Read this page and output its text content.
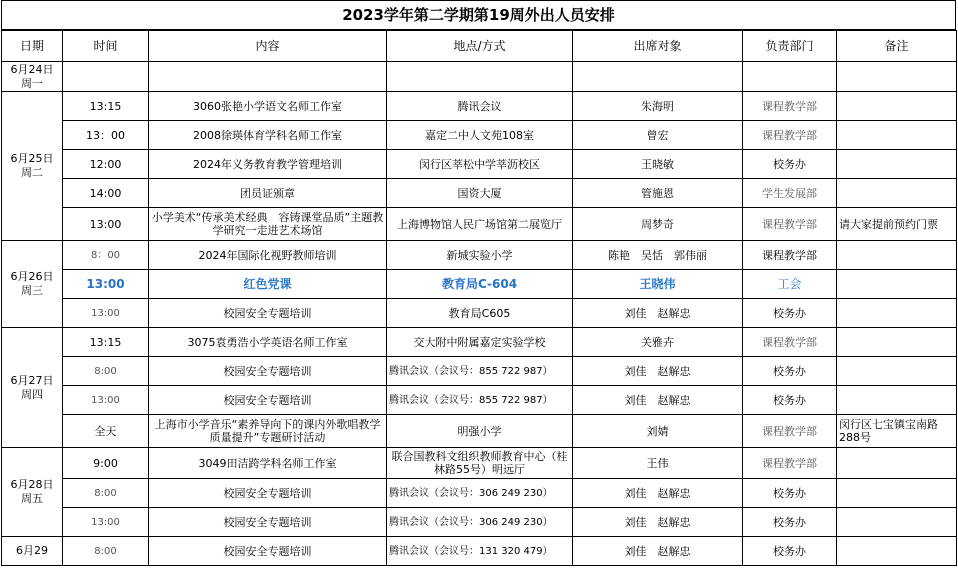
2023学年第二学期第19周外出人员安排
日期	时间	内容	地点/方式	出席对象	负责部门	备注

6月24日
周一						

6月25日
周二	13:15	3060张艳小学语文名师工作室	腾讯会议	朱海明	课程教学部	
	13：00	2008徐瑛体育学科名师工作室	嘉定二中人文苑108室	曾宏	课程教学部	
	12:00	2024年义务教育教学管理培训	闵行区莘松中学莘沥校区	王晓敏	校务办	
	14:00	团员证颁章	国资大厦	管施恩	学生发展部	
	13:00	小学美术“传承美术经典　容铸课堂品质”主题教学研究一走进艺术场馆	上海博物馆人民广场馆第二展览厅	周梦奇	课程教学部	请大家提前预约门票

6月26日
周三	8：00	2024年国际化视野教师培训	新城实验小学	陈艳　吴恬　郭伟丽	课程教学部	
	13:00	红色党课	教育局C-604	王晓伟	工会	
	13:00	校园安全专题培训	教育局C605	刘佳　赵解忠	校务办	

6月27日
周四	13:15	3075袁勇浩小学英语名师工作室	交大附中附属嘉定实验学校	关雅卉	课程教学部	
	8:00	校园安全专题培训	腾讯会议（会议号：855 722 987）	刘佳　赵解忠	校务办	
	13:00	校园安全专题培训	腾讯会议（会议号：855 722 987）	刘佳　赵解忠	校务办	
	全天	上海市小学音乐“素养导向下的课内外歌唱教学质量提升”专题研讨活动	明强小学	刘婧	课程教学部	闵行区七宝镇宝南路288号

6月28日
周五	9:00	3049田洁跨学科名师工作室	联合国教科文组织教师教育中心（桂林路55号）明远厅	王伟	课程教学部	
	8:00	校园安全专题培训	腾讯会议（会议号：306 249 230）	刘佳　赵解忠	校务办	
	13:00	校园安全专题培训	腾讯会议（会议号：306 249 230）	刘佳　赵解忠	校务办	

6月29	8:00	校园安全专题培训	腾讯会议（会议号：131 320 479）	刘佳　赵解忠	校务办	
